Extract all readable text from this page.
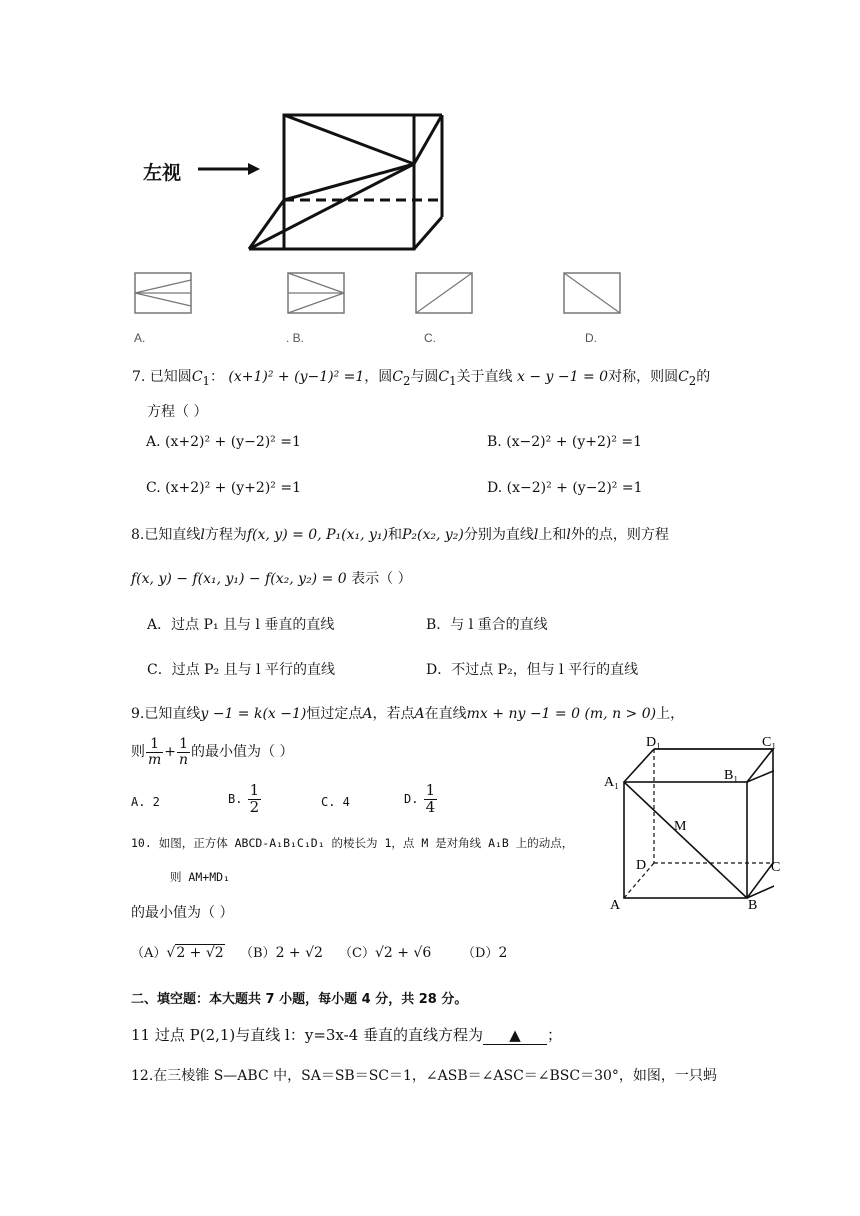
左视
A.	. B.	C.	D.
7. 已知圆$C_1$： (x+1)² + (y−1)² =1，圆$C_2$与圆$C_1$关于直线 x − y −1 = 0对称，则圆$C_2$的
方程（ ）
A. (x+2)² + (y−2)² =1	B. (x−2)² + (y+2)² =1
C. (x+2)² + (y+2)² =1	D. (x−2)² + (y−2)² =1
8.已知直线l方程为f(x, y) = 0, P₁(x₁, y₁)和P₂(x₂, y₂)分别为直线l上和l外的点，则方程
f(x, y) − f(x₁, y₁) − f(x₂, y₂) = 0 表示（ ）
A．过点 P₁ 且与 l 垂直的直线	B．与 l 重合的直线
C．过点 P₂ 且与 l 平行的直线	D．不过点 P₂，但与 l 平行的直线
9.已知直线y −1 = k(x −1)恒过定点A，若点A在直线mx + ny −1 = 0 (m, n > 0)上，
则 $\frac{1}{m} + \frac{1}{n}$ 的最小值为（ ）
A. 2	B. $\frac{1}{2}$	C. 4	D. $\frac{1}{4}$
D₁	C₁
A₁	B₁
M
D	C
A	B
10. 如图，正方体 ABCD-A₁B₁C₁D₁ 的棱长为 1，点 M 是对角线 A₁B 上的动点，
则 AM+MD₁
的最小值为（ ）
（A）√2 + √2 （B）2 + √2 （C）√2 + √6 （D）2
二、填空题：本大题共 7 小题，每小题 4 分，共 28 分。
11 过点 P(2,1)与直线 l：y=3x-4 垂直的直线方程为 ▲ ；
12.在三棱锥 S—ABC 中，SA＝SB＝SC＝1，∠ASB＝∠ASC＝∠BSC＝30°，如图，一只蚂
